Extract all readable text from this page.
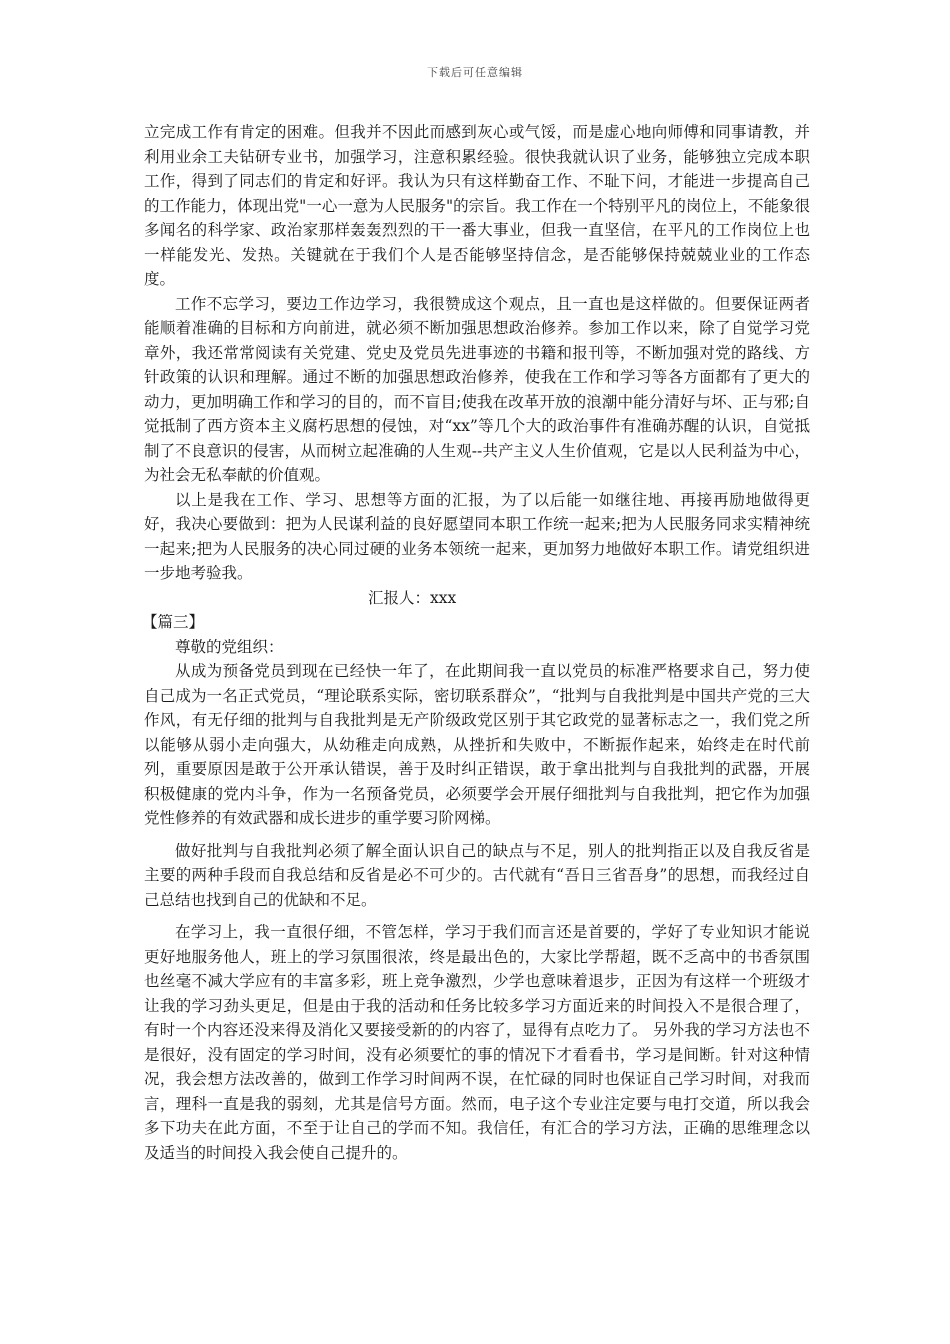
下载后可任意编辑

立完成工作有肯定的困难。但我并不因此而感到灰心或气馁，而是虚心地向师傅和同事请教，并利用业余工夫钻研专业书，加强学习，注意积累经验。很快我就认识了业务，能够独立完成本职工作，得到了同志们的肯定和好评。我认为只有这样勤奋工作、不耻下问，才能进一步提高自己的工作能力，体现出党"一心一意为人民服务"的宗旨。我工作在一个特别平凡的岗位上，不能象很多闻名的科学家、政治家那样轰轰烈烈的干一番大事业，但我一直坚信，在平凡的工作岗位上也一样能发光、发热。关键就在于我们个人是否能够坚持信念，是否能够保持兢兢业业的工作态度。

工作不忘学习，要边工作边学习，我很赞成这个观点，且一直也是这样做的。但要保证两者能顺着准确的目标和方向前进，就必须不断加强思想政治修养。参加工作以来，除了自觉学习党章外，我还常常阅读有关党建、党史及党员先进事迹的书籍和报刊等，不断加强对党的路线、方针政策的认识和理解。通过不断的加强思想政治修养，使我在工作和学习等各方面都有了更大的动力，更加明确工作和学习的目的，而不盲目;使我在改革开放的浪潮中能分清好与坏、正与邪;自觉抵制了西方资本主义腐朽思想的侵蚀，对“xx”等几个大的政治事件有准确苏醒的认识，自觉抵制了不良意识的侵害，从而树立起准确的人生观--共产主义人生价值观，它是以人民利益为中心，为社会无私奉献的价值观。

以上是我在工作、学习、思想等方面的汇报，为了以后能一如继往地、再接再励地做得更好，我决心要做到：把为人民谋利益的良好愿望同本职工作统一起来;把为人民服务同求实精神统一起来;把为人民服务的决心同过硬的业务本领统一起来，更加努力地做好本职工作。请党组织进一步地考验我。

汇报人：xxx

【篇三】

尊敬的党组织：

从成为预备党员到现在已经快一年了，在此期间我一直以党员的标准严格要求自己，努力使自己成为一名正式党员，“理论联系实际，密切联系群众”，“批判与自我批判是中国共产党的三大作风，有无仔细的批判与自我批判是无产阶级政党区别于其它政党的显著标志之一，我们党之所以能够从弱小走向强大，从幼稚走向成熟，从挫折和失败中，不断振作起来，始终走在时代前列，重要原因是敢于公开承认错误，善于及时纠正错误，敢于拿出批判与自我批判的武器，开展积极健康的党内斗争，作为一名预备党员，必须要学会开展仔细批判与自我批判，把它作为加强党性修养的有效武器和成长进步的重学要习阶网梯。

做好批判与自我批判必须了解全面认识自己的缺点与不足，别人的批判指正以及自我反省是主要的两种手段而自我总结和反省是必不可少的。古代就有“吾日三省吾身”的思想，而我经过自己总结也找到自己的优缺和不足。

在学习上，我一直很仔细，不管怎样，学习于我们而言还是首要的，学好了专业知识才能说更好地服务他人，班上的学习氛围很浓，终是最出色的，大家比学帮超，既不乏高中的书香氛围也丝毫不减大学应有的丰富多彩，班上竞争激烈，少学也意味着退步，正因为有这样一个班级才让我的学习劲头更足，但是由于我的活动和任务比较多学习方面近来的时间投入不是很合理了，有时一个内容还没来得及消化又要接受新的的内容了，显得有点吃力了。 另外我的学习方法也不是很好，没有固定的学习时间，没有必须要忙的事的情况下才看看书，学习是间断。针对这种情况，我会想方法改善的，做到工作学习时间两不误，在忙碌的同时也保证自己学习时间，对我而言，理科一直是我的弱刻，尤其是信号方面。然而，电子这个专业注定要与电打交道，所以我会多下功夫在此方面，不至于让自己的学而不知。我信任，有汇合的学习方法，正确的思维理念以及适当的时间投入我会使自己提升的。
